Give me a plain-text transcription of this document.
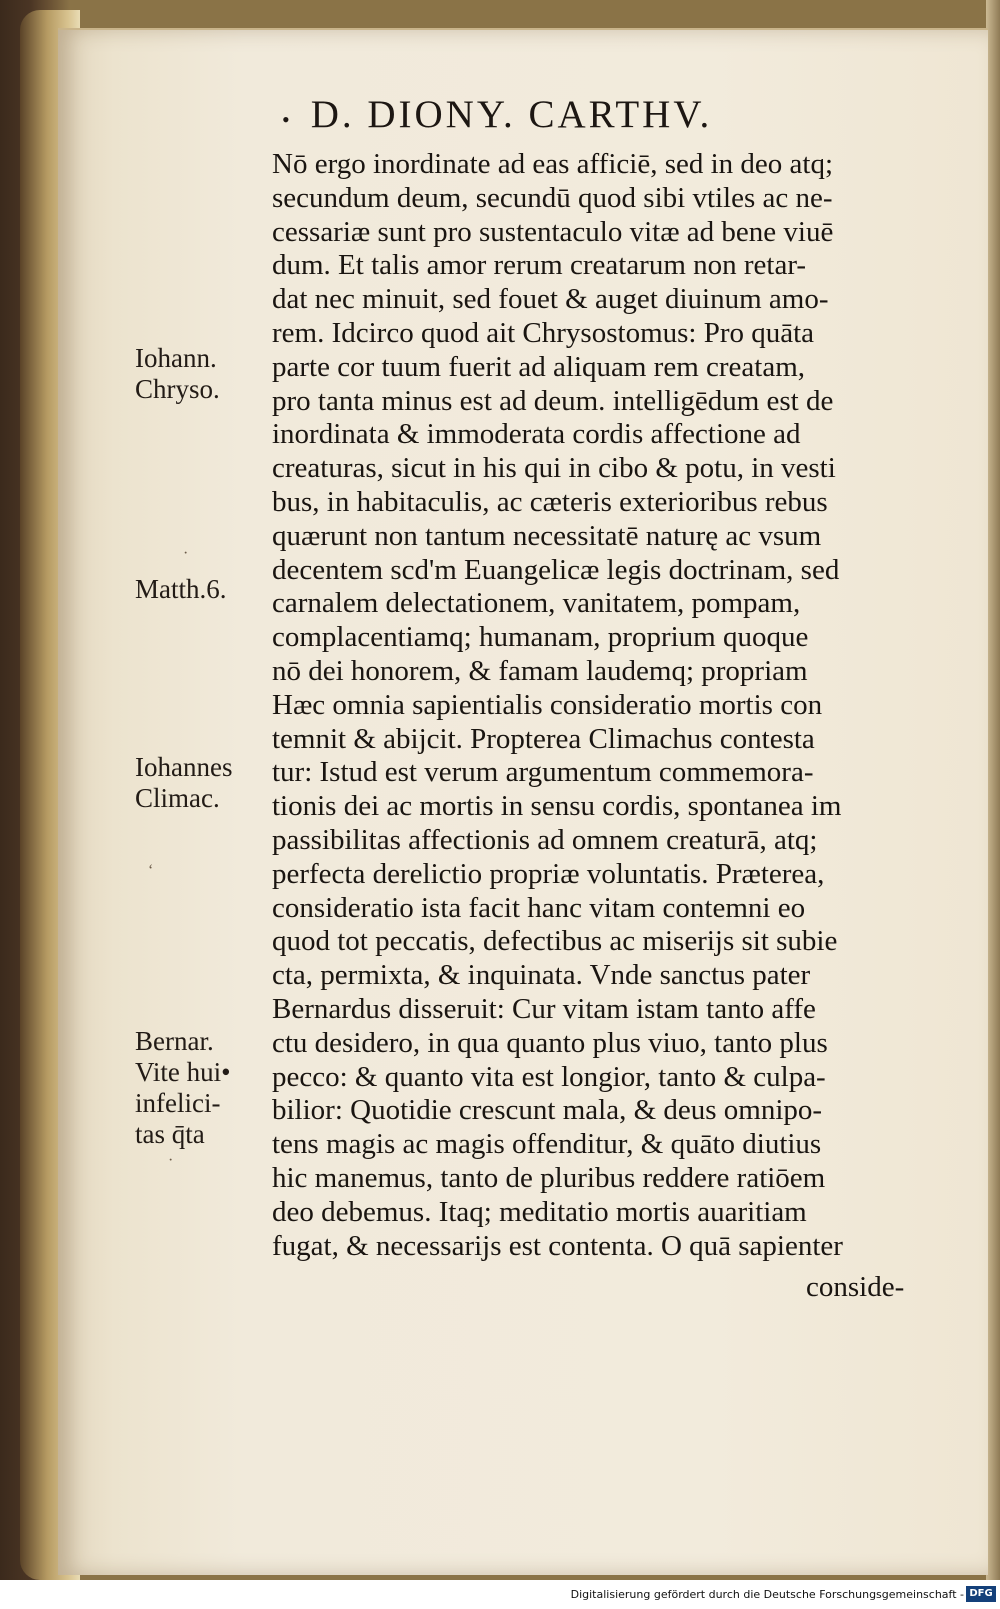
• D. DIONY. CARTHV.
Nō ergo inordinate ad eas afficiē, sed in deo atq;
secundum deum, secundū quod sibi vtiles ac ne-
cessariæ sunt pro sustentaculo vitæ ad bene viuē
dum. Et talis amor rerum creatarum non retar-
dat nec minuit, sed fouet & auget diuinum amo-
rem. Idcirco quod ait Chrysostomus: Pro quāta
parte cor tuum fuerit ad aliquam rem creatam,
pro tanta minus est ad deum. intelligēdum est de
inordinata & immoderata cordis affectione ad
creaturas, sicut in his qui in cibo & potu, in vesti
bus, in habitaculis, ac cæteris exterioribus rebus
quærunt non tantum necessitatē naturę ac vsum
decentem scd'm Euangelicæ legis doctrinam, sed
carnalem delectationem, vanitatem, pompam,
complacentiamq; humanam, proprium quoque
nō dei honorem, & famam laudemq; propriam
Hæc omnia sapientialis consideratio mortis con
temnit & abijcit. Propterea Climachus contesta
tur: Istud est verum argumentum commemora-
tionis dei ac mortis in sensu cordis, spontanea im
passibilitas affectionis ad omnem creaturā, atq;
perfecta derelictio propriæ voluntatis. Præterea,
consideratio ista facit hanc vitam contemni eo
quod tot peccatis, defectibus ac miserijs sit subie
cta, permixta, & inquinata. Vnde sanctus pater
Bernardus disseruit: Cur vitam istam tanto affe
ctu desidero, in qua quanto plus viuo, tanto plus
pecco: & quanto vita est longior, tanto & culpa-
bilior: Quotidie crescunt mala, & deus omnipo-
tens magis ac magis offenditur, & quāto diutius
hic manemus, tanto de pluribus reddere ratiōem
deo debemus. Itaq; meditatio mortis auaritiam
fugat, & necessarijs est contenta. O quā sapienter
conside-
Iohann.
Chryso.
Matth.6.
Iohannes
Climac.
Bernar.
Vite hui•
infelici-
tas q̄ta
·
ʻ
·
Digitalisierung gefördert durch die Deutsche Forschungsgemeinschaft - DFG
